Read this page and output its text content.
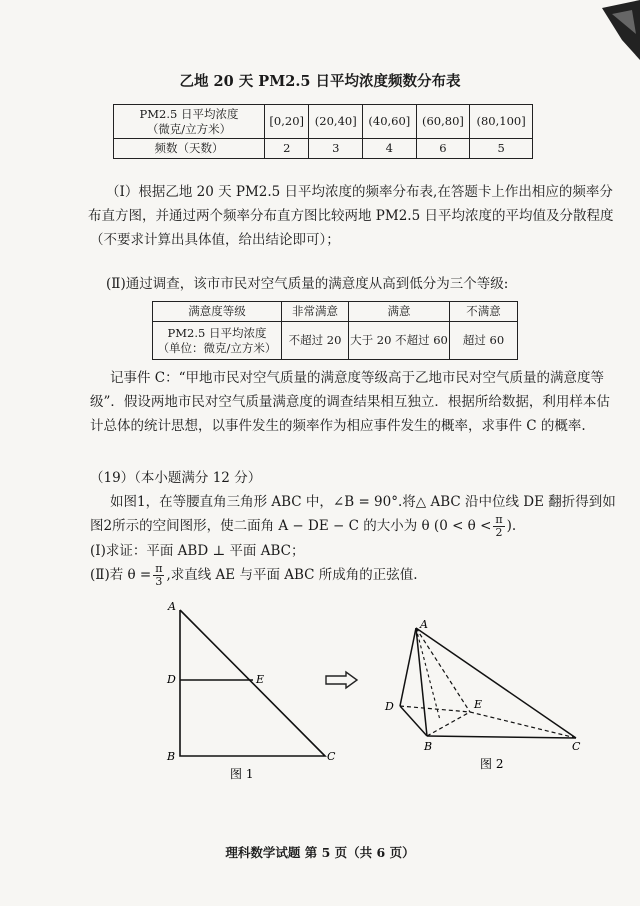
乙地 20 天 PM2.5 日平均浓度频数分布表
PM2.5 日平均浓度
（微克/立方米）	[0,20]	(20,40]	(40,60]	(60,80]	(80,100]
频数（天数）	2	3	4	6	5
（Ⅰ）根据乙地 20 天 PM2.5 日平均浓度的频率分布表,在答题卡上作出相应的频率分
布直方图，并通过两个频率分布直方图比较两地 PM2.5 日平均浓度的平均值及分散程度
（不要求计算出具体值，给出结论即可）；
(Ⅱ)通过调查，该市市民对空气质量的满意度从高到低分为三个等级:
满意度等级	非常满意	满意	不满意

PM2.5 日平均浓度
（单位：微克/立方米）	不超过 20	大于 20 不超过 60	超过 60
记事件 C：“甲地市民对空气质量的满意度等级高于乙地市民对空气质量的满意度等
级”．假设两地市民对空气质量满意度的调查结果相互独立．根据所给数据，利用样本估
计总体的统计思想，以事件发生的频率作为相应事件发生的概率，求事件 C 的概率.
（19）（本小题满分 12 分）
如图1，在等腰直角三角形 ABC 中，∠B = 90°.将△ ABC 沿中位线 DE 翻折得到如
图2所示的空间图形，使二面角 A − DE − C 的大小为 θ ($0 < \theta < \frac{\pi}{2}$ ).
(Ⅰ)求证：平面 ABD ⊥ 平面 ABC；
(Ⅱ)若 $\theta = \frac{\pi}{3}$ ,求直线 AE 与平面 ABC 所成角的正弦值.
A
D	E
B	C
图 1
A
D	E
B	C
图 2
理科数学试题 第 5 页（共 6 页）
